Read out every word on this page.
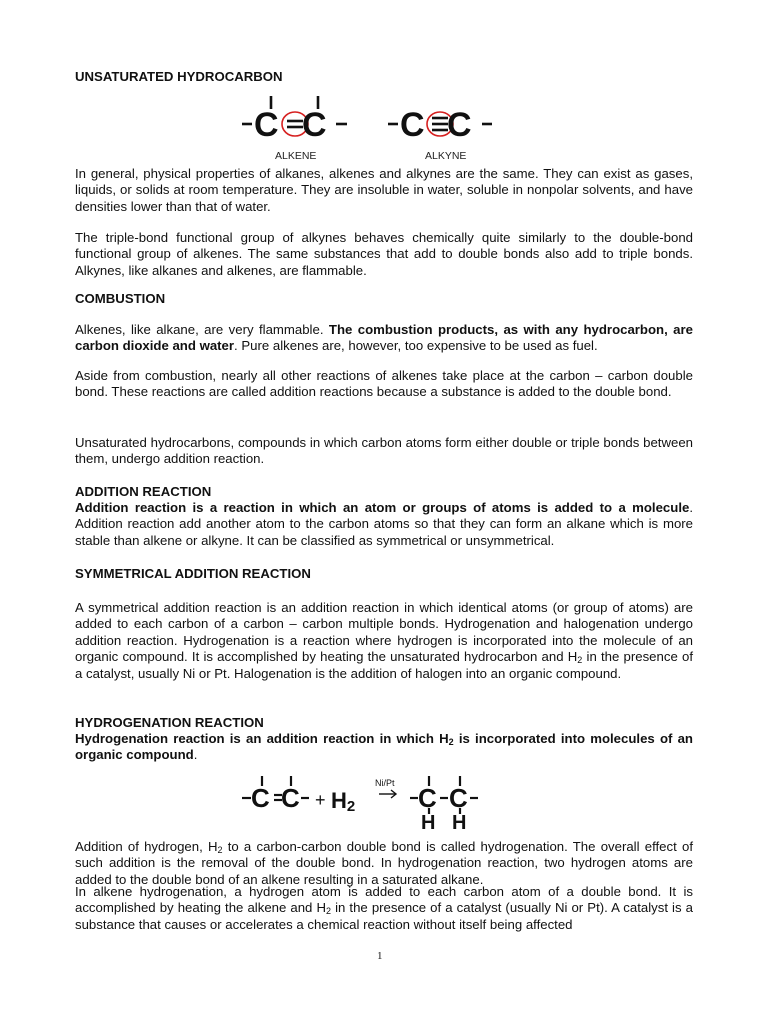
UNSATURATED HYDROCARBON
C C C C
ALKENE	ALKYNE

In general, physical properties of alkanes, alkenes and alkynes are the same. They can exist as gases, liquids, or solids at room temperature. They are insoluble in water, soluble in nonpolar solvents, and have densities lower than that of water.

The triple-bond functional group of alkynes behaves chemically quite similarly to the double-bond functional group of alkenes. The same substances that add to double bonds also add to triple bonds. Alkynes, like alkanes and alkenes, are flammable.

COMBUSTION

Alkenes, like alkane, are very flammable. The combustion products, as with any hydrocarbon, are carbon dioxide and water. Pure alkenes are, however, too expensive to be used as fuel.

Aside from combustion, nearly all other reactions of alkenes take place at the carbon – carbon double bond. These reactions are called addition reactions because a substance is added to the double bond.

Unsaturated hydrocarbons, compounds in which carbon atoms form either double or triple bonds between them, undergo addition reaction.

ADDITION REACTION

Addition reaction is a reaction in which an atom or groups of atoms is added to a molecule. Addition reaction add another atom to the carbon atoms so that they can form an alkane which is more stable than alkene or alkyne. It can be classified as symmetrical or unsymmetrical.

SYMMETRICAL ADDITION REACTION

A symmetrical addition reaction is an addition reaction in which identical atoms (or group of atoms) are added to each carbon of a carbon – carbon multiple bonds. Hydrogenation and halogenation undergo addition reaction. Hydrogenation is a reaction where hydrogen is incorporated into the molecule of an organic compound. It is accomplished by heating the unsaturated hydrocarbon and $H_2$ in the presence of a catalyst, usually Ni or Pt. Halogenation is the addition of halogen into an organic compound.

HYDROGENATION REACTION

Hydrogenation reaction is an addition reaction in which $H_2$ is incorporated into molecules of an organic compound.

C C	C C
+ H2
Ni/Pt
H H

Addition of hydrogen, $H_2$ to a carbon-carbon double bond is called hydrogenation. The overall effect of such addition is the removal of the double bond. In hydrogenation reaction, two hydrogen atoms are added to the double bond of an alkene resulting in a saturated alkane.

In alkene hydrogenation, a hydrogen atom is added to each carbon atom of a double bond. It is accomplished by heating the alkene and $H_2$ in the presence of a catalyst (usually Ni or Pt). A catalyst is a substance that causes or accelerates a chemical reaction without itself being affected

1
